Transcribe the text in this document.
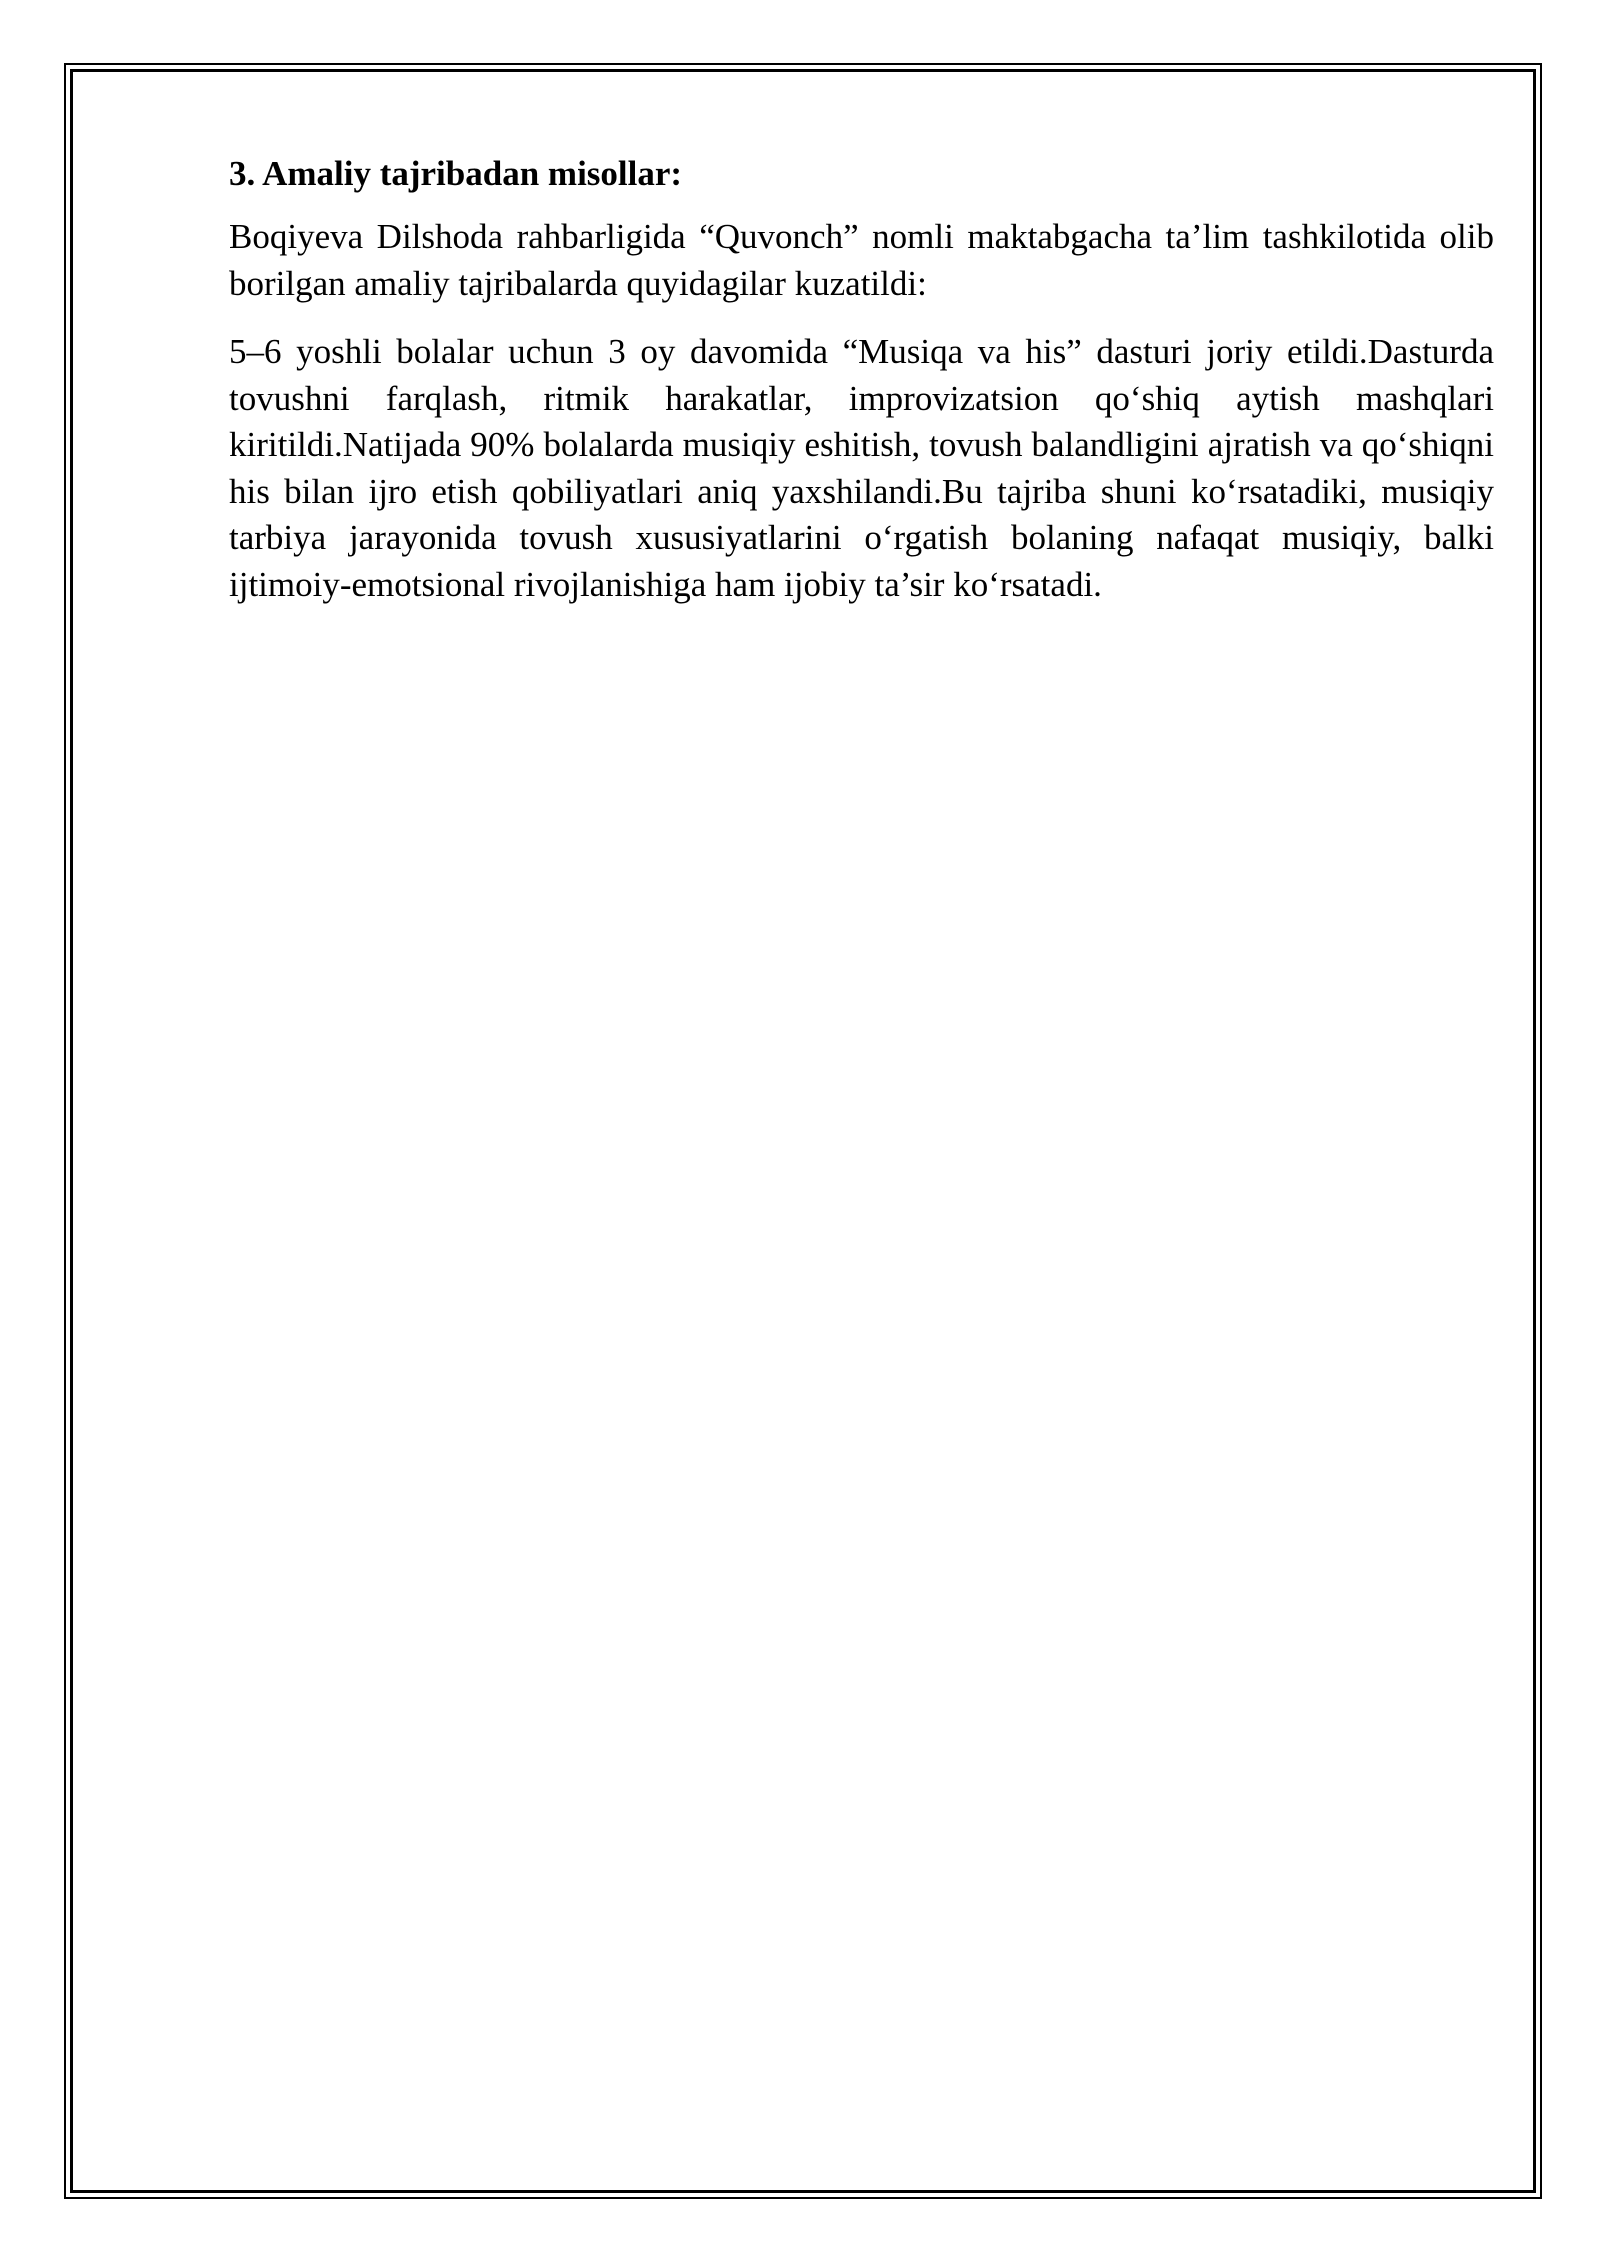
3. Amaliy tajribadan misollar:

Boqiyeva Dilshoda rahbarligida “Quvonch” nomli maktabgacha ta’lim tashkilotida olib borilgan amaliy tajribalarda quyidagilar kuzatildi:

5–6 yoshli bolalar uchun 3 oy davomida “Musiqa va his” dasturi joriy etildi.Dasturda tovushni farqlash, ritmik harakatlar, improvizatsion qo‘shiq aytish mashqlari kiritildi.Natijada 90% bolalarda musiqiy eshitish, tovush balandligini ajratish va qo‘shiqni his bilan ijro etish qobiliyatlari aniq yaxshilandi.Bu tajriba shuni ko‘rsatadiki, musiqiy tarbiya jarayonida tovush xususiyatlarini o‘rgatish bolaning nafaqat musiqiy, balki ijtimoiy-emotsional rivojlanishiga ham ijobiy ta’sir ko‘rsatadi.
